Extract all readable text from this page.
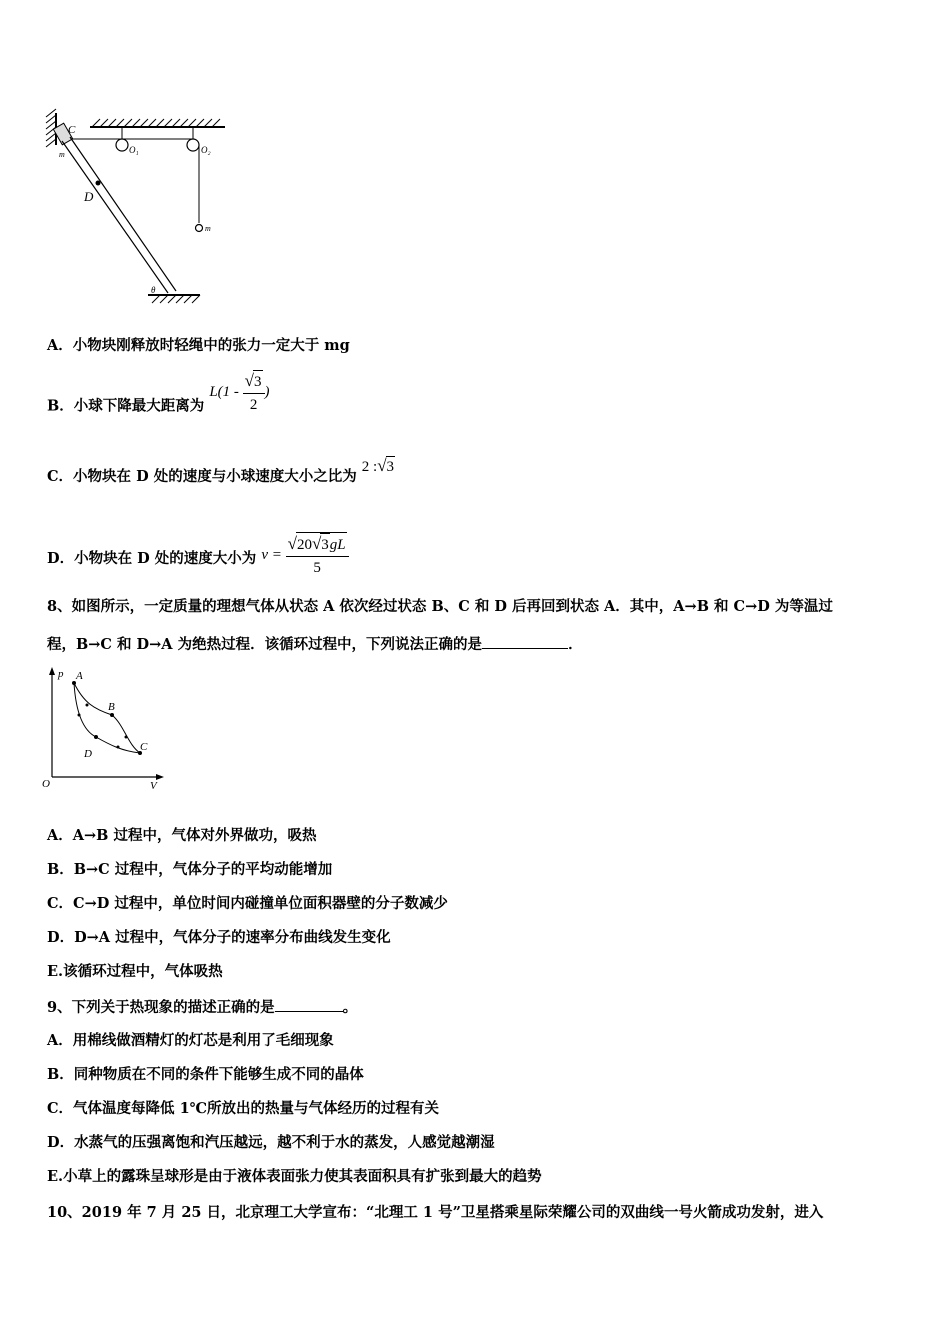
C
m	O₁	O₂
D
m
θ
A．小物块刚释放时轻绳中的张力一定大于 mg
B．小球下降最大距离为 $L(1 - \frac{√3}{2}$ )
C．小物块在 D 处的速度与小球速度大小之比为 2 :√3
D．小物块在 D 处的速度大小为 $v = \frac{√20√3gL}{5}$
8、如图所示，一定质量的理想气体从状态 A 依次经过状态 B、C 和 D 后再回到状态 A．其中，A→B 和 C→D 为等温过
程，B→C 和 D→A 为绝热过程．该循环过程中，下列说法正确的是	．
p
V
O
A
B
C
D
A．A→B 过程中，气体对外界做功，吸热
B．B→C 过程中，气体分子的平均动能增加
C．C→D 过程中，单位时间内碰撞单位面积器壁的分子数减少
D．D→A 过程中，气体分子的速率分布曲线发生变化
E.该循环过程中，气体吸热
9、下列关于热现象的描述正确的是	。
A．用棉线做酒精灯的灯芯是利用了毛细现象
B．同种物质在不同的条件下能够生成不同的晶体
C．气体温度每降低 1℃所放出的热量与气体经历的过程有关
D．水蒸气的压强离饱和汽压越远，越不利于水的蒸发，人感觉越潮湿
E.小草上的露珠呈球形是由于液体表面张力使其表面积具有扩张到最大的趋势
10、2019 年 7 月 25 日，北京理工大学宣布：“北理工 1 号”卫星搭乘星际荣耀公司的双曲线一号火箭成功发射，进入
